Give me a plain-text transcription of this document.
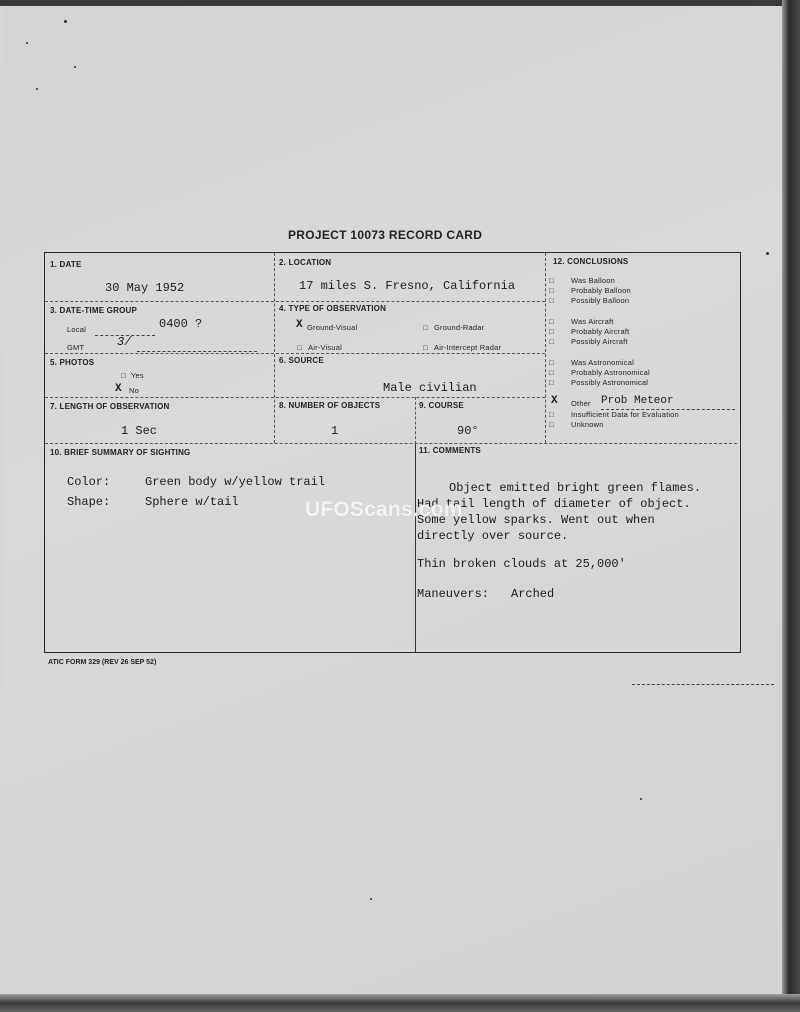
PROJECT 10073 RECORD CARD
1. DATE
30 May 1952
2. LOCATION
17 miles S. Fresno, California
3. DATE-TIME GROUP
Local	0400 ?
GMT	3/
4. TYPE OF OBSERVATION
X Ground-Visual	□ Ground-Radar
□ Air-Visual	□ Air-Intercept Radar
5. PHOTOS
□ Yes
X No
6. SOURCE
Male civilian
7. LENGTH OF OBSERVATION
1 Sec
8. NUMBER OF OBJECTS
1
9. COURSE
90°
10. BRIEF SUMMARY OF SIGHTING
Color:	Green body w/yellow trail
Shape:	Sphere w/tail
11. COMMENTS
Object emitted bright green flames.
Had tail length of diameter of object.
Some yellow sparks. Went out when
directly over source.
Thin broken clouds at 25,000'
Maneuvers: Arched
12. CONCLUSIONS
□ Was Balloon
□ Probably Balloon
□ Possibly Balloon
□ Was Aircraft
□ Probably Aircraft
□ Possibly Aircraft
□ Was Astronomical
□ Probably Astronomical
□ Possibly Astronomical
X Other Prob Meteor
□ Insufficient Data for Evaluation
□ Unknown
UFOScans.com
ATIC FORM 329 (REV 26 SEP 52)
